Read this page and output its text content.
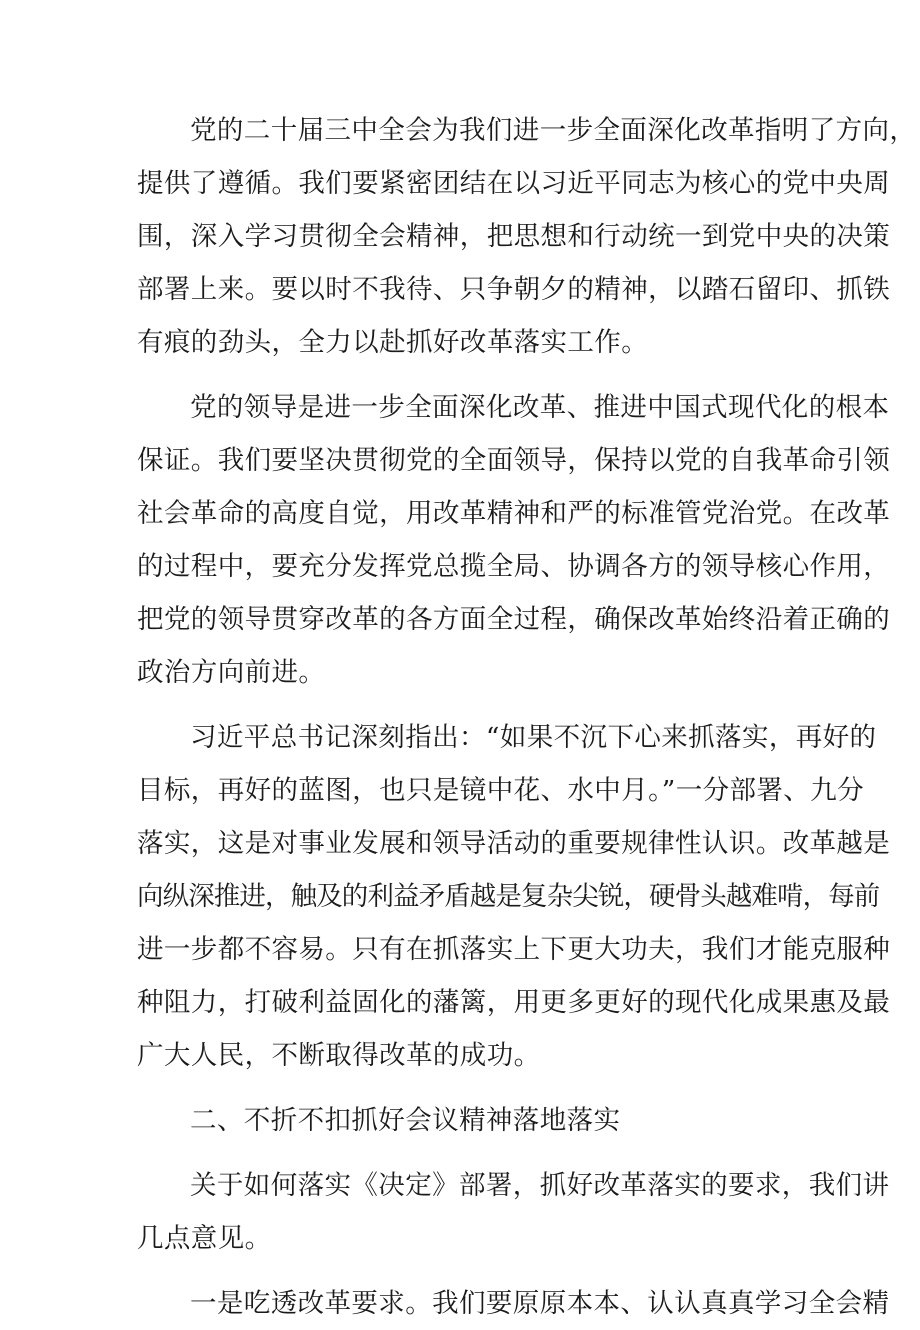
党的二十届三中全会为我们进一步全面深化改革指明了方向，
提供了遵循。我们要紧密团结在以习近平同志为核心的党中央周
围，深入学习贯彻全会精神，把思想和行动统一到党中央的决策
部署上来。要以时不我待、只争朝夕的精神，以踏石留印、抓铁
有痕的劲头，全力以赴抓好改革落实工作。

党的领导是进一步全面深化改革、推进中国式现代化的根本
保证。我们要坚决贯彻党的全面领导，保持以党的自我革命引领
社会革命的高度自觉，用改革精神和严的标准管党治党。在改革
的过程中，要充分发挥党总揽全局、协调各方的领导核心作用，
把党的领导贯穿改革的各方面全过程，确保改革始终沿着正确的
政治方向前进。

习近平总书记深刻指出：“如果不沉下心来抓落实，再好的
目标，再好的蓝图，也只是镜中花、水中月。”一分部署、九分
落实，这是对事业发展和领导活动的重要规律性认识。改革越是
向纵深推进，触及的利益矛盾越是复杂尖锐，硬骨头越难啃，每前
进一步都不容易。只有在抓落实上下更大功夫，我们才能克服种
种阻力，打破利益固化的藩篱，用更多更好的现代化成果惠及最
广大人民，不断取得改革的成功。

二、不折不扣抓好会议精神落地落实

关于如何落实《决定》部署，抓好改革落实的要求，我们讲
几点意见。

一是吃透改革要求。我们要原原本本、认认真真学习全会精
